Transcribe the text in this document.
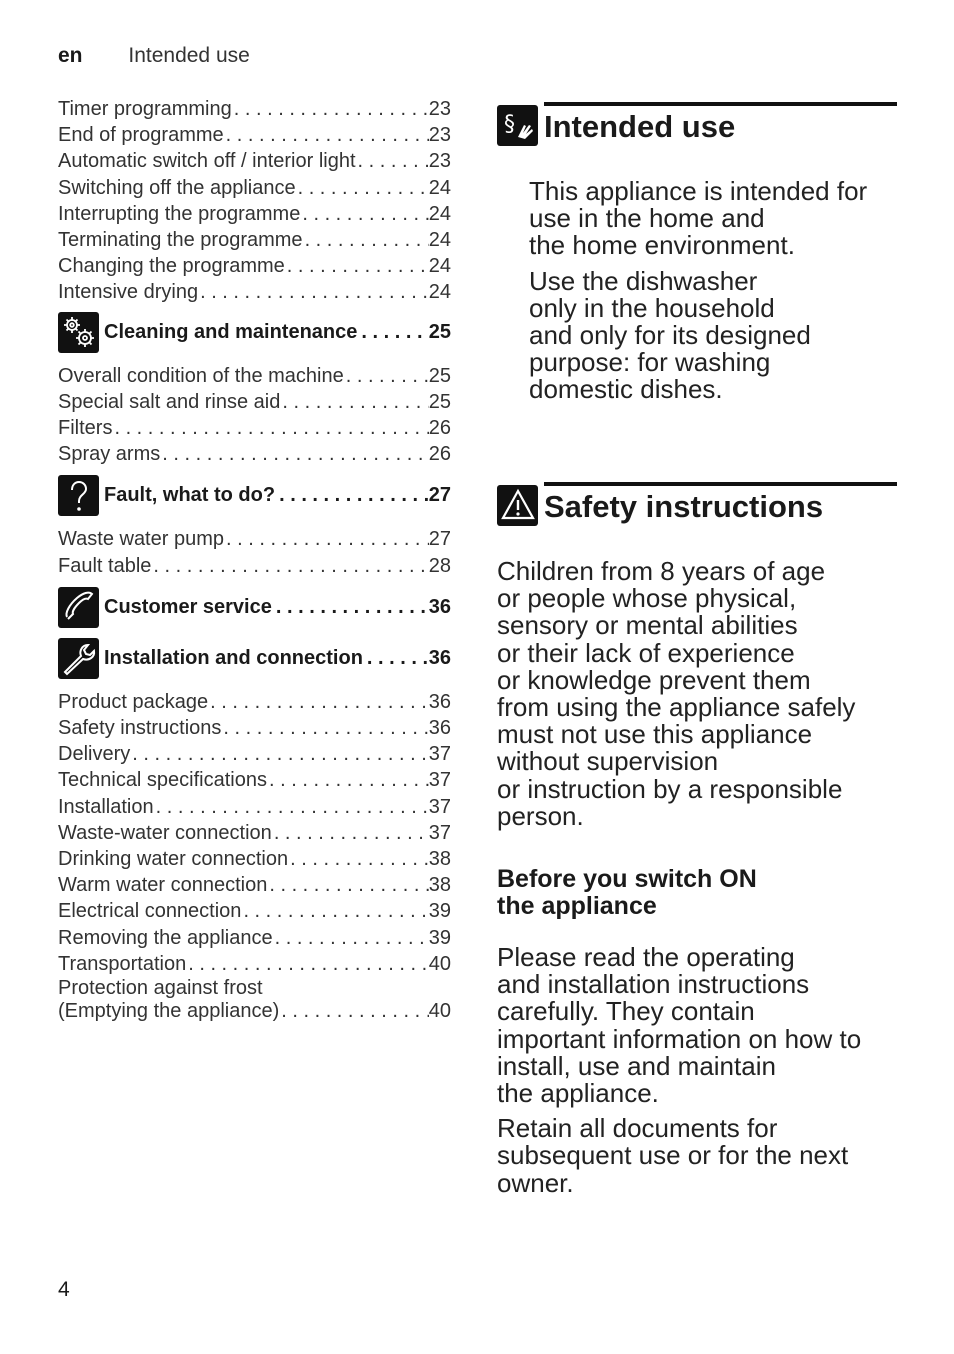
en Intended use
Timer programming . . .	23
End of programme . . .	23
Automatic switch off / interior light . . .	23
Switching off the appliance . . .	24
Interrupting the programme . . .	24
Terminating the programme . . .	24
Changing the programme . . .	24
Intensive drying . . .	24
Cleaning and maintenance . . .	25
Overall condition of the machine . . .	25
Special salt and rinse aid . . .	25
Filters . . .	26
Spray arms . . .	26
Fault, what to do? . . .	27
Waste water pump . . .	27
Fault table . . .	28
Customer service . . .	36
Installation and connection . . .	36
Product package . . .	36
Safety instructions . . .	36
Delivery . . .	37
Technical specifications . . .	37
Installation . . .	37
Waste-water connection . . .	37
Drinking water connection . . .	38
Warm water connection . . .	38
Electrical connection . . .	39
Removing the appliance . . .	39
Transportation . . .	40
Protection against frost
(Emptying the appliance) . . .	40
§ Intended use

This appliance is intended for
use in the home and
the home environment.

Use the dishwasher
only in the household
and only for its designed
purpose: for washing
domestic dishes.

Safety instructions

Children from 8 years of age
or people whose physical,
sensory or mental abilities
or their lack of experience
or knowledge prevent them
from using the appliance safely
must not use this appliance
without supervision
or instruction by a responsible
person.

Before you switch ON
the appliance

Please read the operating
and installation instructions
carefully. They contain
important information on how to
install, use and maintain
the appliance.

Retain all documents for
subsequent use or for the next
owner.

4
